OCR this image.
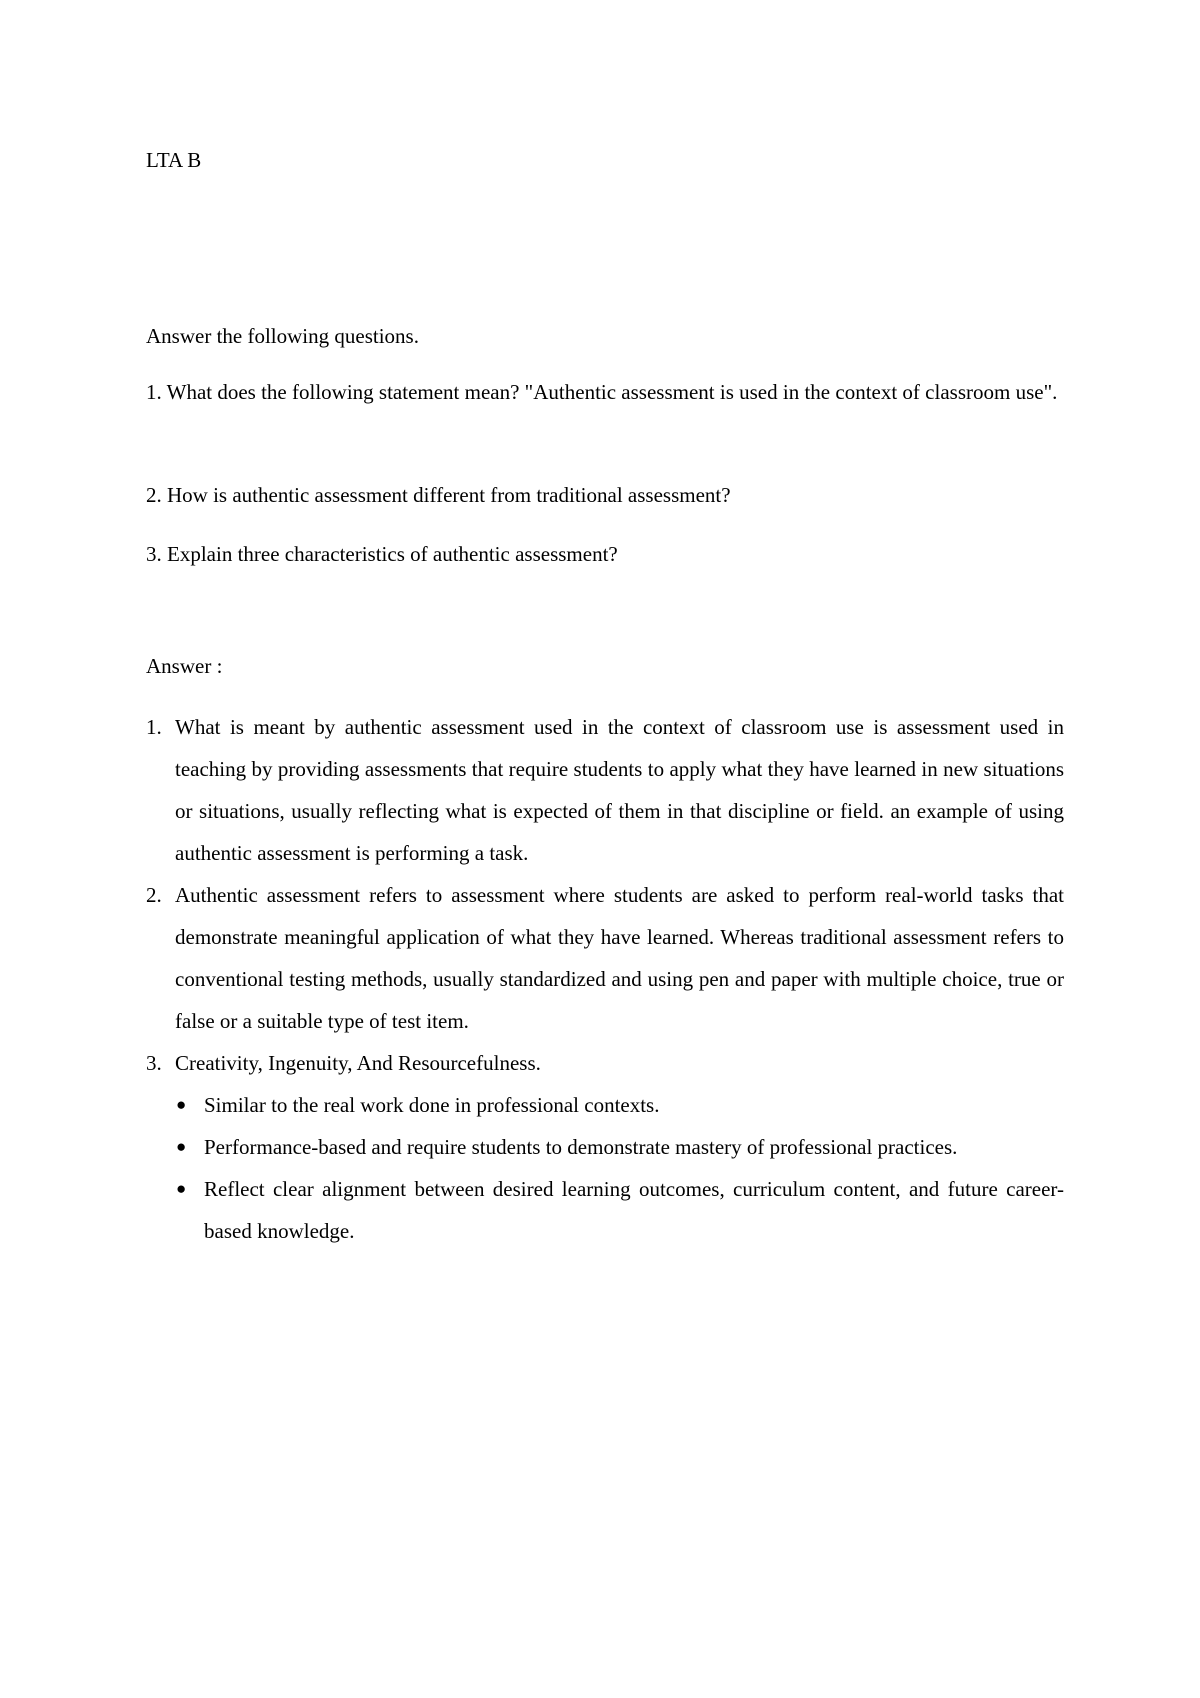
LTA B
Answer the following questions.
1. What does the following statement mean? "Authentic assessment is used in the context of classroom use".
2. How is authentic assessment different from traditional assessment?
3. Explain three characteristics of authentic assessment?
Answer :
1. What is meant by authentic assessment used in the context of classroom use is assessment used in teaching by providing assessments that require students to apply what they have learned in new situations or situations, usually reflecting what is expected of them in that discipline or field. an example of using authentic assessment is performing a task.
2. Authentic assessment refers to assessment where students are asked to perform real-world tasks that demonstrate meaningful application of what they have learned. Whereas traditional assessment refers to conventional testing methods, usually standardized and using pen and paper with multiple choice, true or false or a suitable type of test item.
3. Creativity, Ingenuity, And Resourcefulness.
● Similar to the real work done in professional contexts.
● Performance-based and require students to demonstrate mastery of professional practices.
● Reflect clear alignment between desired learning outcomes, curriculum content, and future career-based knowledge.
